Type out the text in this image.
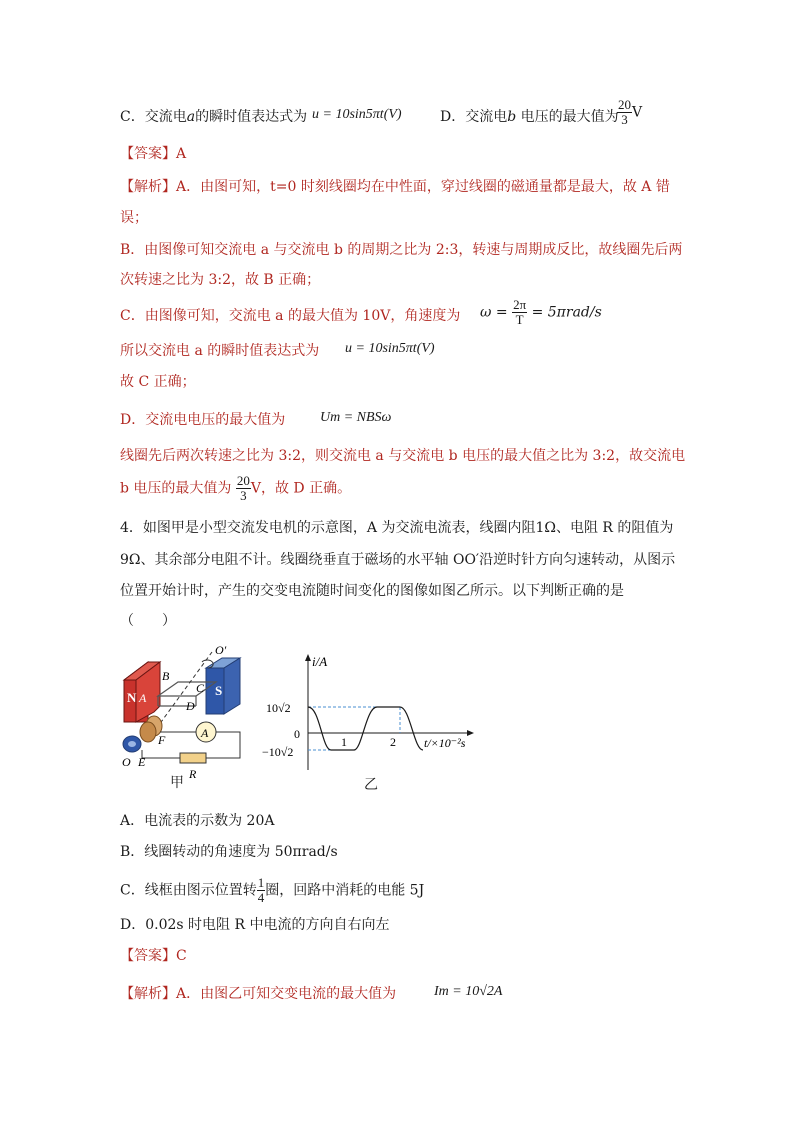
C．交流电a的瞬时值表达式为 u = 10sin5πt(V)	D．交流电b 电压的最大值为
$\frac{20}{3}$ V
【答案】A
【解析】A．由图可知，t=0 时刻线圈均在中性面，穿过线圈的磁通量都是最大，故 A 错
误；
B．由图像可知交流电 a 与交流电 b 的周期之比为 2:3，转速与周期成反比，故线圈先后两
次转速之比为 3:2，故 B 正确；
C．由图像可知，交流电 a 的最大值为 10V，角速度为 $\omega = \frac{2\pi}{T} = 5\pi rad/s$
所以交流电 a 的瞬时值表达式为 u = 10sin5πt(V)
故 C 正确；
D．交流电电压的最大值为 Um = NBSω
线圈先后两次转速之比为 3:2，则交流电 a 与交流电 b 电压的最大值之比为 3:2，故交流电
b 电压的最大值为 $\frac{20}{3}$ V，故 D 正确。
4．如图甲是小型交流发电机的示意图，A 为交流电流表，线圈内阻1Ω、电阻 R 的阻值为
9Ω、其余部分电阻不计。线圈绕垂直于磁场的水平轴 OO′沿逆时针方向匀速转动，从图示
位置开始计时，产生的交变电流随时间变化的图像如图乙所示。以下判断正确的是
（　　）
N A	S
O′
B
C
D
F
O E
A
R
甲
i/A
10√2
0
−10√2
1	2 t/×10⁻²s
乙
A．电流表的示数为 20A
B．线圈转动的角速度为 50πrad/s
C．线框由图示位置转 $\frac{1}{4}$ 圈，回路中消耗的电能 5J
D．0.02s 时电阻 R 中电流的方向自右向左
【答案】C
【解析】A．由图乙可知交变电流的最大值为	Im = 10√2A
